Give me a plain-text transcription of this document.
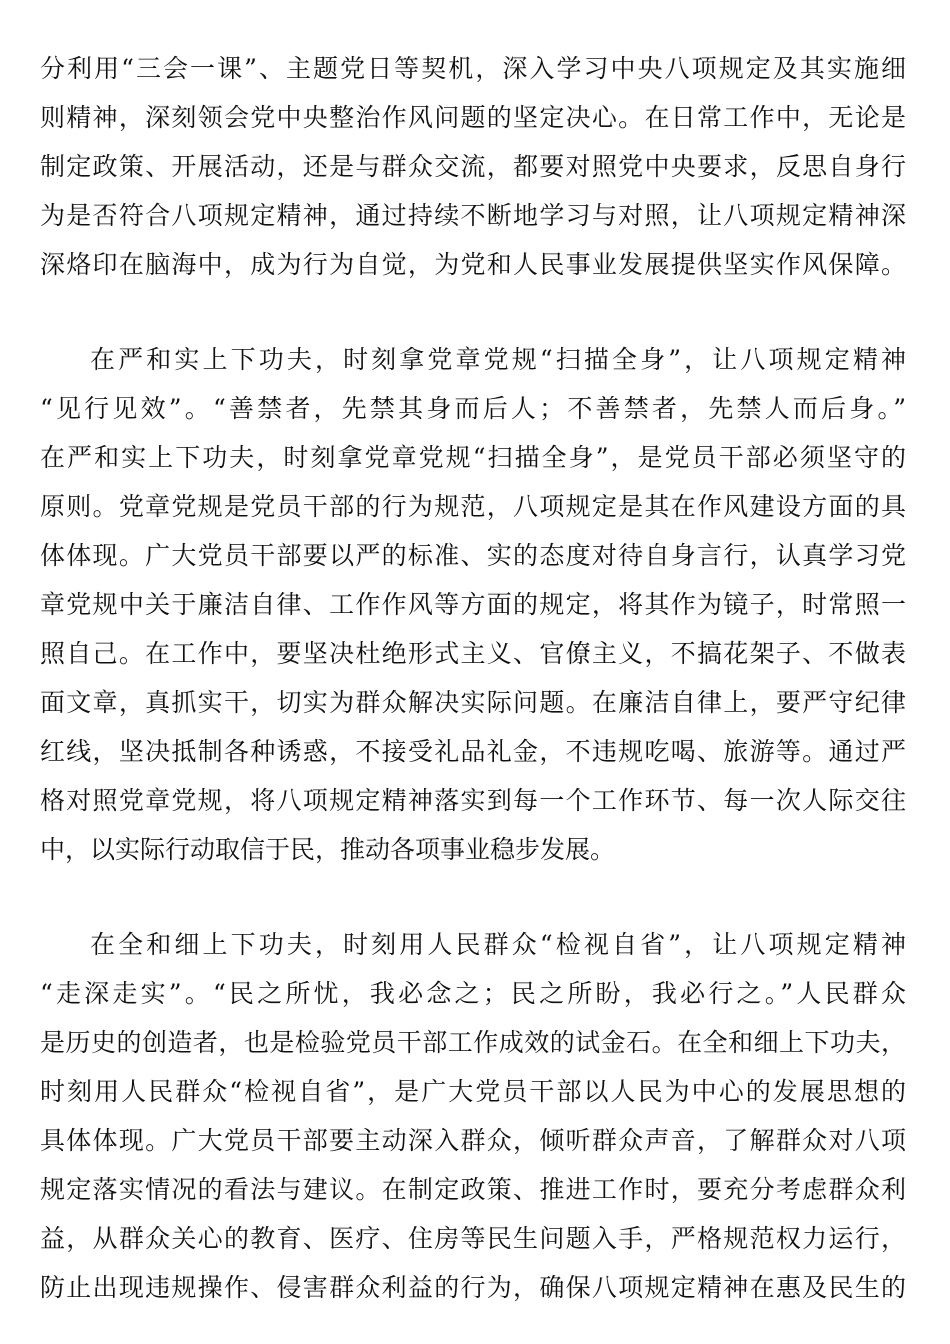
分利用“三会一课”、主题党日等契机，深入学习中央八项规定及其实施细
则精神，深刻领会党中央整治作风问题的坚定决心。在日常工作中，无论是
制定政策、开展活动，还是与群众交流，都要对照党中央要求，反思自身行
为是否符合八项规定精神，通过持续不断地学习与对照，让八项规定精神深
深烙印在脑海中，成为行为自觉，为党和人民事业发展提供坚实作风保障。
在严和实上下功夫，时刻拿党章党规“扫描全身”，让八项规定精神
“见行见效”。“善禁者，先禁其身而后人；不善禁者，先禁人而后身。”
在严和实上下功夫，时刻拿党章党规“扫描全身”，是党员干部必须坚守的
原则。党章党规是党员干部的行为规范，八项规定是其在作风建设方面的具
体体现。广大党员干部要以严的标准、实的态度对待自身言行，认真学习党
章党规中关于廉洁自律、工作作风等方面的规定，将其作为镜子，时常照一
照自己。在工作中，要坚决杜绝形式主义、官僚主义，不搞花架子、不做表
面文章，真抓实干，切实为群众解决实际问题。在廉洁自律上，要严守纪律
红线，坚决抵制各种诱惑，不接受礼品礼金，不违规吃喝、旅游等。通过严
格对照党章党规，将八项规定精神落实到每一个工作环节、每一次人际交往
中，以实际行动取信于民，推动各项事业稳步发展。
在全和细上下功夫，时刻用人民群众“检视自省”，让八项规定精神
“走深走实”。“民之所忧，我必念之；民之所盼，我必行之。”人民群众
是历史的创造者，也是检验党员干部工作成效的试金石。在全和细上下功夫，
时刻用人民群众“检视自省”，是广大党员干部以人民为中心的发展思想的
具体体现。广大党员干部要主动深入群众，倾听群众声音，了解群众对八项
规定落实情况的看法与建议。在制定政策、推进工作时，要充分考虑群众利
益，从群众关心的教育、医疗、住房等民生问题入手，严格规范权力运行，
防止出现违规操作、侵害群众利益的行为，确保八项规定精神在惠及民生的
